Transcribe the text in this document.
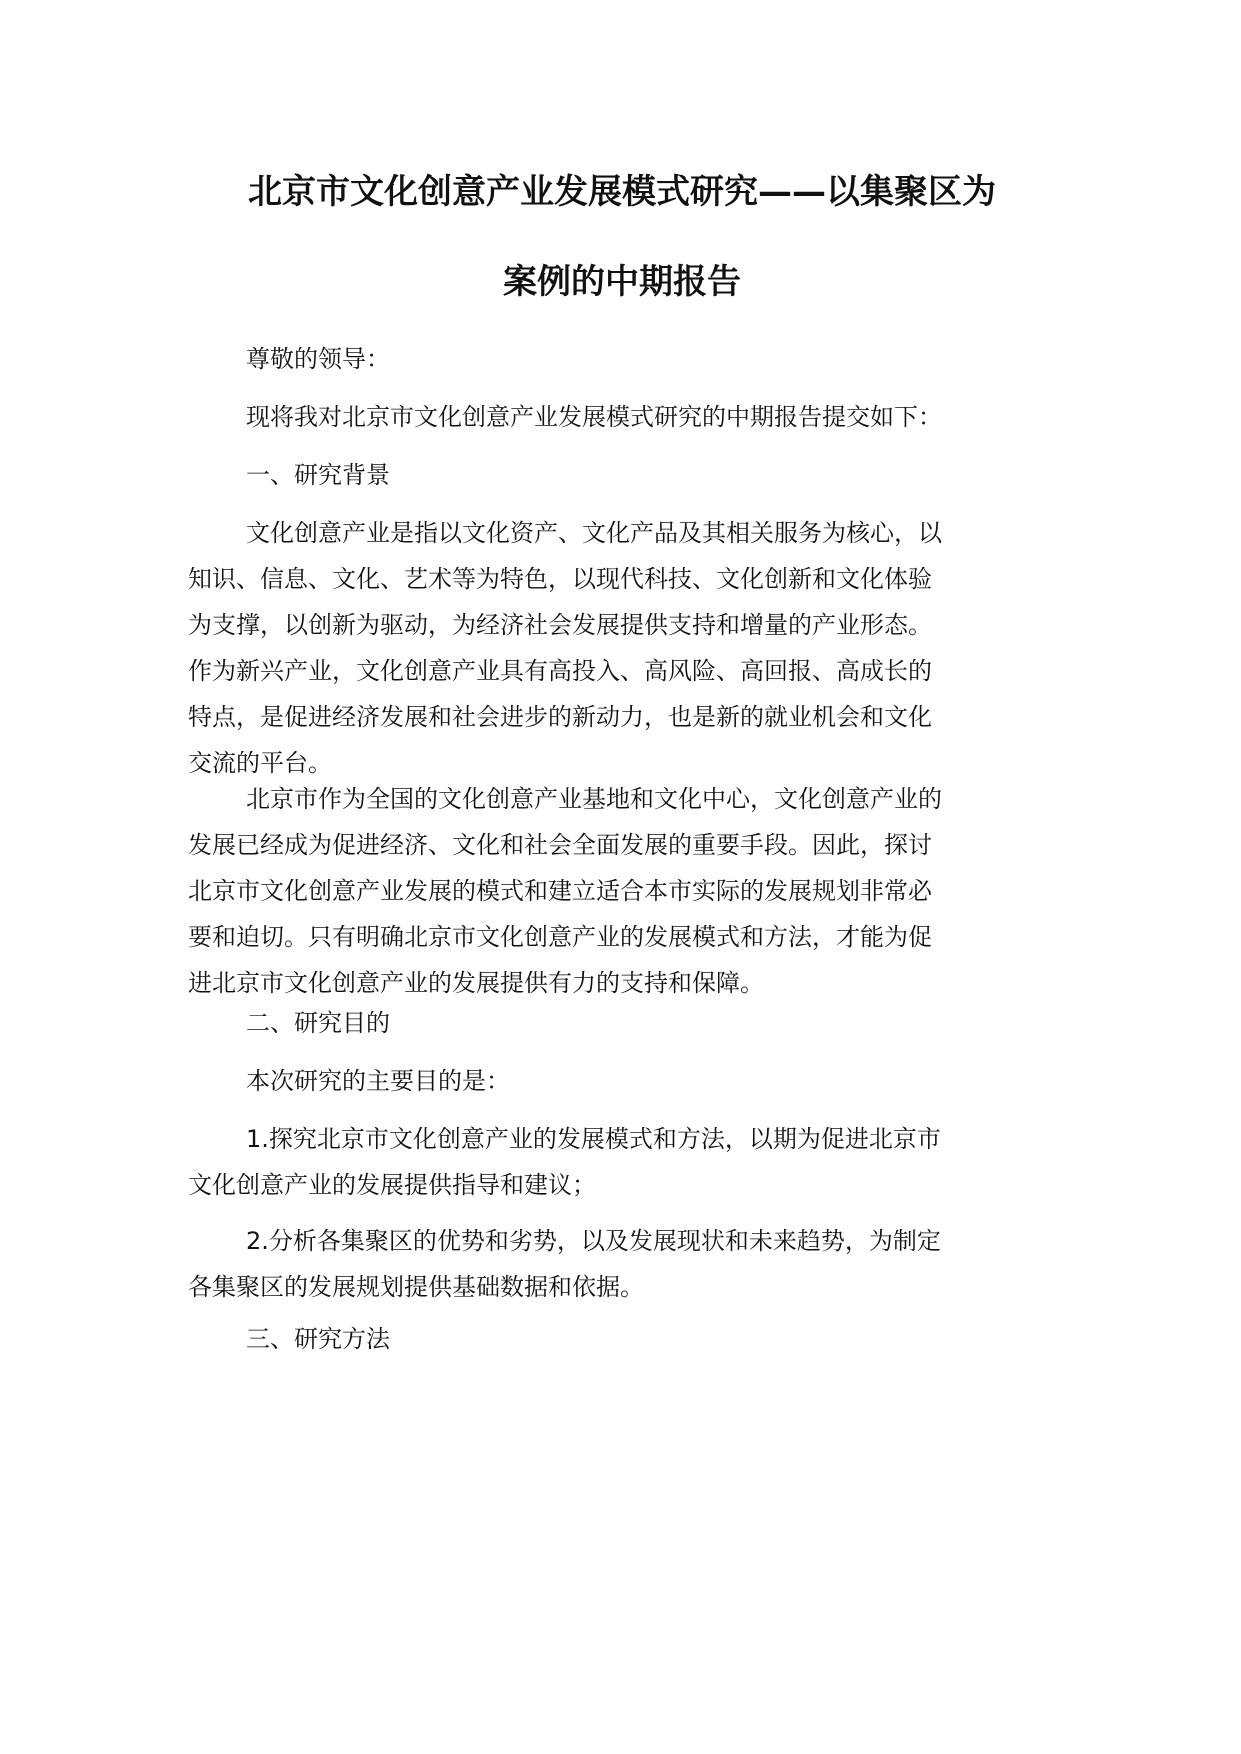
北京市文化创意产业发展模式研究——以集聚区为
案例的中期报告

尊敬的领导：

现将我对北京市文化创意产业发展模式研究的中期报告提交如下：

一、研究背景

文化创意产业是指以文化资产、文化产品及其相关服务为核心，以
知识、信息、文化、艺术等为特色，以现代科技、文化创新和文化体验
为支撑，以创新为驱动，为经济社会发展提供支持和增量的产业形态。
作为新兴产业，文化创意产业具有高投入、高风险、高回报、高成长的
特点，是促进经济发展和社会进步的新动力，也是新的就业机会和文化
交流的平台。

北京市作为全国的文化创意产业基地和文化中心，文化创意产业的
发展已经成为促进经济、文化和社会全面发展的重要手段。因此，探讨
北京市文化创意产业发展的模式和建立适合本市实际的发展规划非常必
要和迫切。只有明确北京市文化创意产业的发展模式和方法，才能为促
进北京市文化创意产业的发展提供有力的支持和保障。

二、研究目的

本次研究的主要目的是：

1.探究北京市文化创意产业的发展模式和方法，以期为促进北京市
文化创意产业的发展提供指导和建议；

2.分析各集聚区的优势和劣势，以及发展现状和未来趋势，为制定
各集聚区的发展规划提供基础数据和依据。

三、研究方法
